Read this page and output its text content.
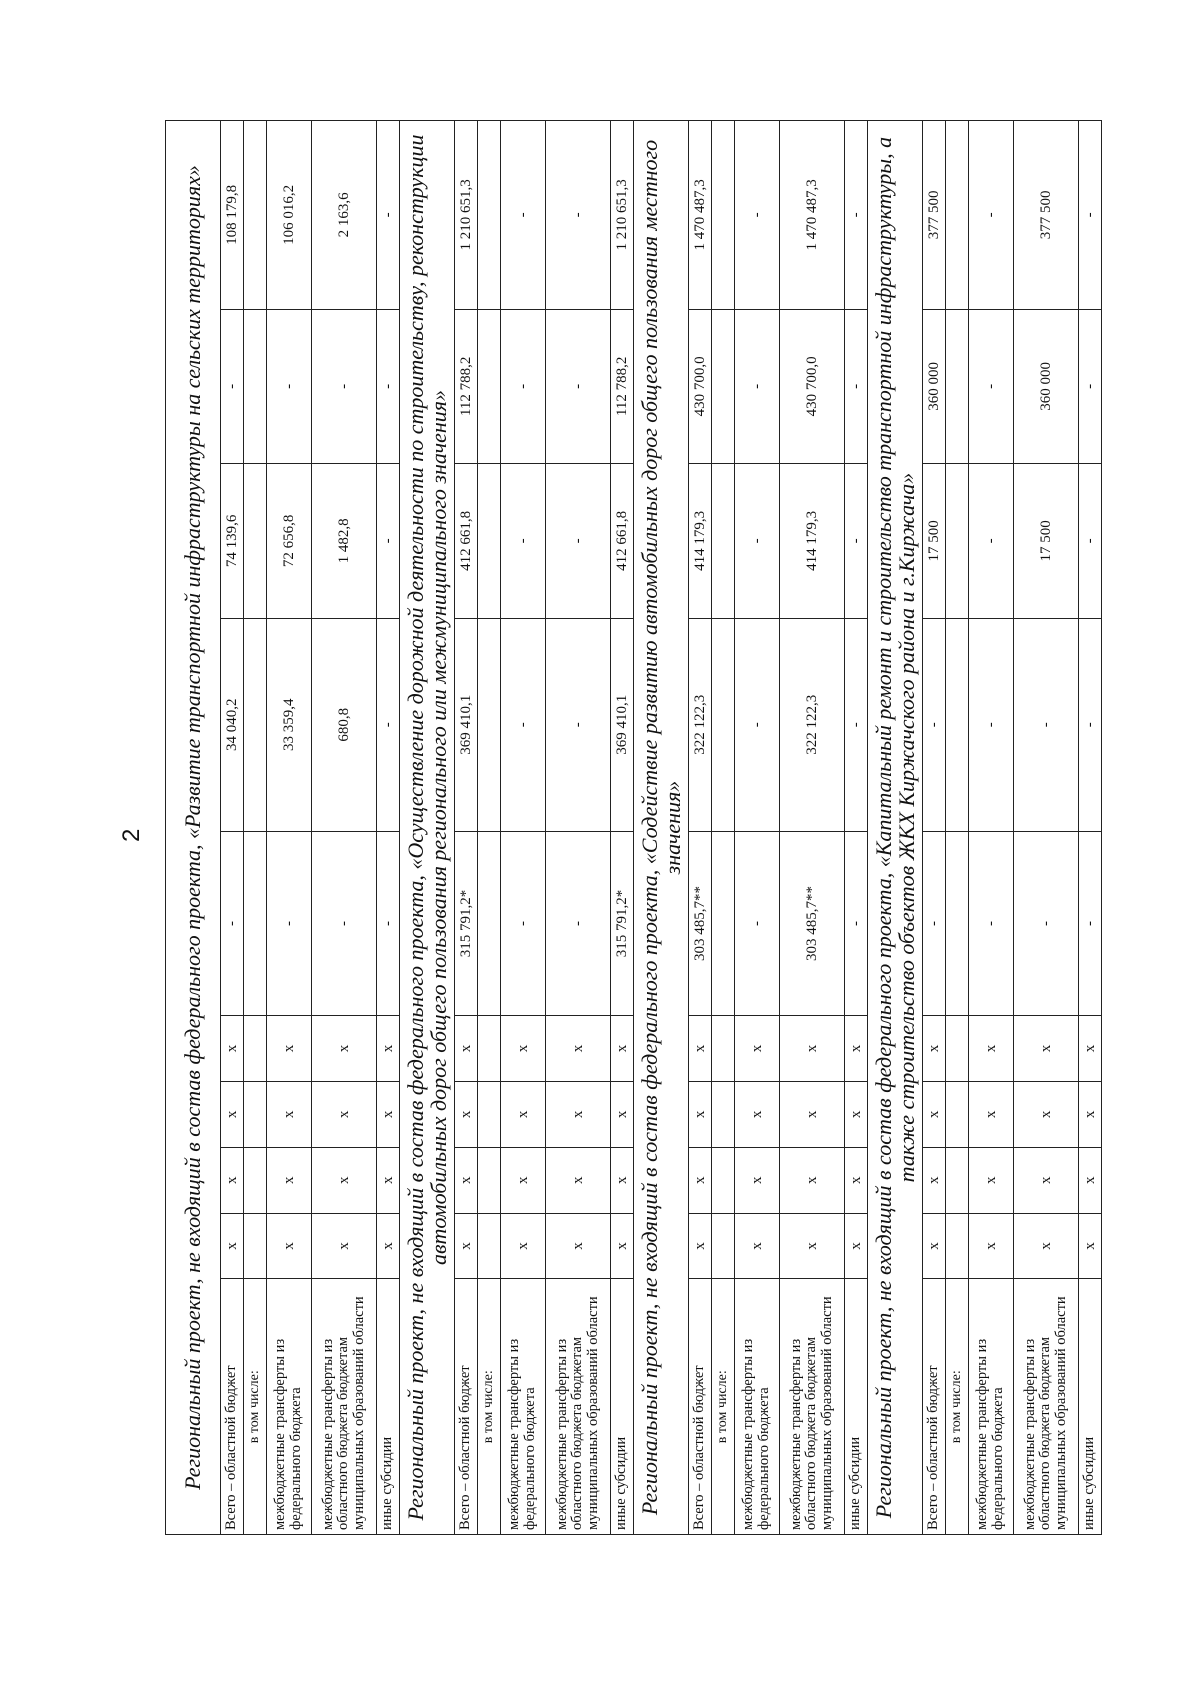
2 Региональный проект, не входящий в состав федерального проекта, «Развитие транспортной инфраструктуры на сельских территориях»									
Всего – областной бюджет	x	x	x	x	-	34 040,2	74 139,6	-	108 179,8
в том числе:									
межбюджетные трансферты из федерального бюджета	x	x	x	x	-	33 359,4	72 656,8	-	106 016,2
межбюджетные трансферты из областного бюджета бюджетам муниципальных образований области	x	x	x	x	-	680,8	1 482,8	-	2 163,6
иные субсидии	x	x	x	x	-	-	-	-	-
Региональный проект, не входящий в состав федерального проекта, «Осуществление дорожной деятельности по строительству, реконструкции автомобильных дорог общего пользования регионального или межмуниципального значения»									
Всего – областной бюджет	x	x	x	x	315 791,2*	369 410,1	412 661,8	112 788,2	1 210 651,3
в том числе:									
межбюджетные трансферты из федерального бюджета	x	x	x	x	-	-	-	-	-
межбюджетные трансферты из областного бюджета бюджетам муниципальных образований области	x	x	x	x	-	-	-	-	-
иные субсидии	x	x	x	x	315 791,2*	369 410,1	412 661,8	112 788,2	1 210 651,3
Региональный проект, не входящий в состав федерального проекта, «Содействие развитию автомобильных дорог общего пользования местного значения»									
Всего – областной бюджет	x	x	x	x	303 485,7**	322 122,3	414 179,3	430 700,0	1 470 487,3
в том числе:									
межбюджетные трансферты из федерального бюджета	x	x	x	x	-	-	-	-	-
межбюджетные трансферты из областного бюджета бюджетам муниципальных образований области	x	x	x	x	303 485,7**	322 122,3	414 179,3	430 700,0	1 470 487,3
иные субсидии	x	x	x	x	-	-	-	-	-
Региональный проект, не входящий в состав федерального проекта, «Капитальный ремонт и строительство транспортной инфраструктуры, а также строительство объектов ЖКХ Киржачского района и г.Киржача»									
Всего – областной бюджет	x	x	x	x	-	-	17 500	360 000	377 500
в том числе:									
межбюджетные трансферты из федерального бюджета	x	x	x	x	-	-	-	-	-
межбюджетные трансферты из областного бюджета бюджетам муниципальных образований области	x	x	x	x	-	-	17 500	360 000	377 500
иные субсидии	x	x	x	x	-	-	-	-	-
